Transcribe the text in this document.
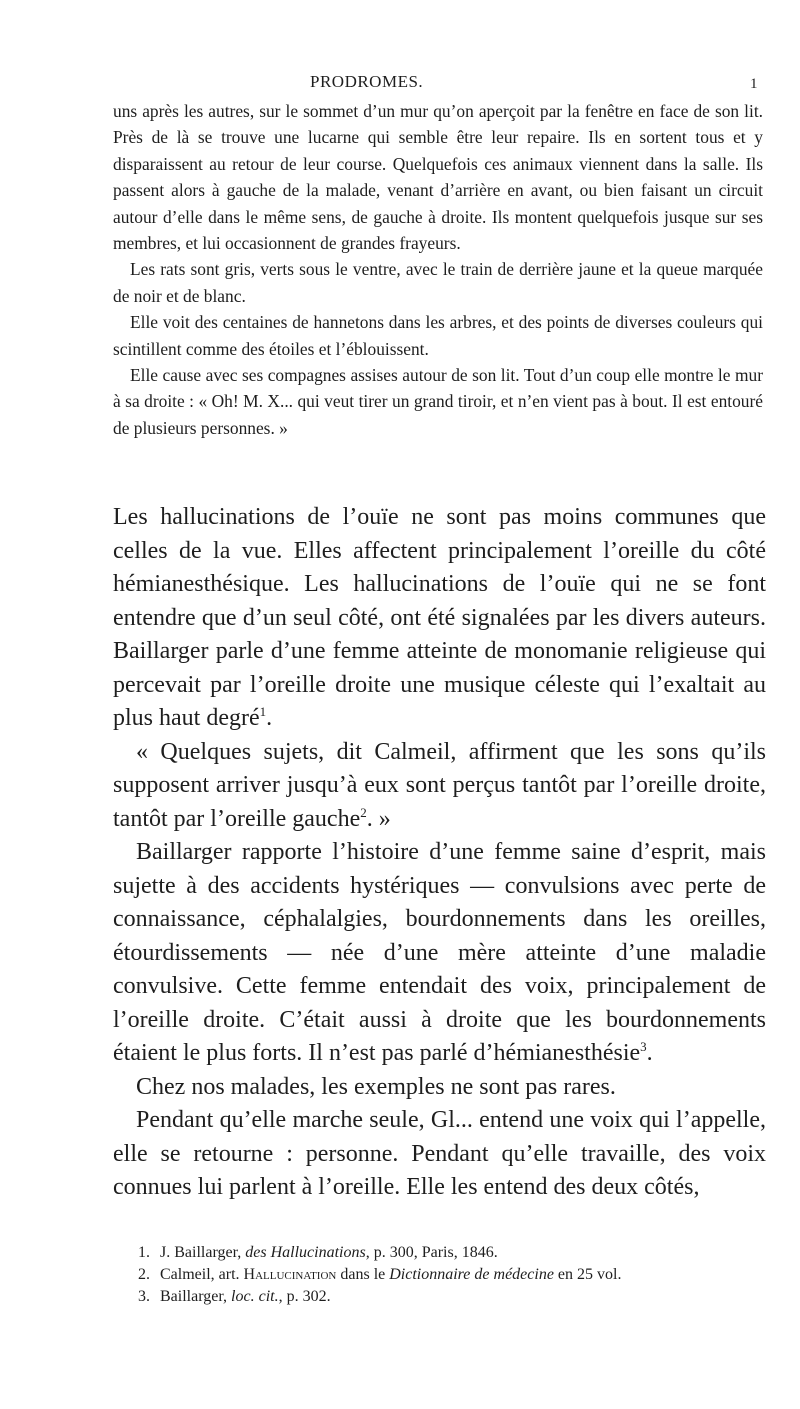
PRODROMES.	1

uns après les autres, sur le sommet d’un mur qu’on aperçoit par la fenêtre en face de son lit. Près de là se trouve une lucarne qui semble être leur repaire. Ils en sortent tous et y disparaissent au retour de leur course. Quelquefois ces animaux viennent dans la salle. Ils passent alors à gauche de la malade, venant d’arrière en avant, ou bien faisant un circuit autour d’elle dans le même sens, de gauche à droite. Ils montent quelquefois jusque sur ses membres, et lui occasionnent de grandes frayeurs.

Les rats sont gris, verts sous le ventre, avec le train de derrière jaune et la queue marquée de noir et de blanc.

Elle voit des centaines de hannetons dans les arbres, et des points de diverses couleurs qui scintillent comme des étoiles et l’éblouissent.

Elle cause avec ses compagnes assises autour de son lit. Tout d’un coup elle montre le mur à sa droite : « Oh! M. X... qui veut tirer un grand tiroir, et n’en vient pas à bout. Il est entouré de plusieurs personnes. »

Les hallucinations de l’ouïe ne sont pas moins communes que celles de la vue. Elles affectent principalement l’oreille du côté hémianesthésique. Les hallucinations de l’ouïe qui ne se font entendre que d’un seul côté, ont été signalées par les divers auteurs. Baillarger parle d’une femme atteinte de monomanie religieuse qui percevait par l’oreille droite une musique céleste qui l’exaltait au plus haut degré$^1$.

« Quelques sujets, dit Calmeil, affirment que les sons qu’ils supposent arriver jusqu’à eux sont perçus tantôt par l’oreille droite, tantôt par l’oreille gauche$^2$. »

Baillarger rapporte l’histoire d’une femme saine d’esprit, mais sujette à des accidents hystériques — convulsions avec perte de connaissance, céphalalgies, bourdonnements dans les oreilles, étourdissements — née d’une mère atteinte d’une maladie convulsive. Cette femme entendait des voix, principalement de l’oreille droite. C’était aussi à droite que les bourdonnements étaient le plus forts. Il n’est pas parlé d’hémianesthésie$^3$.

Chez nos malades, les exemples ne sont pas rares.

Pendant qu’elle marche seule, Gl... entend une voix qui l’appelle, elle se retourne : personne. Pendant qu’elle travaille, des voix connues lui parlent à l’oreille. Elle les entend des deux côtés,

1. J. Baillarger, des Hallucinations, p. 300, Paris, 1846.

2. Calmeil, art. Hallucination dans le Dictionnaire de médecine en 25 vol.

3. Baillarger, loc. cit., p. 302.
